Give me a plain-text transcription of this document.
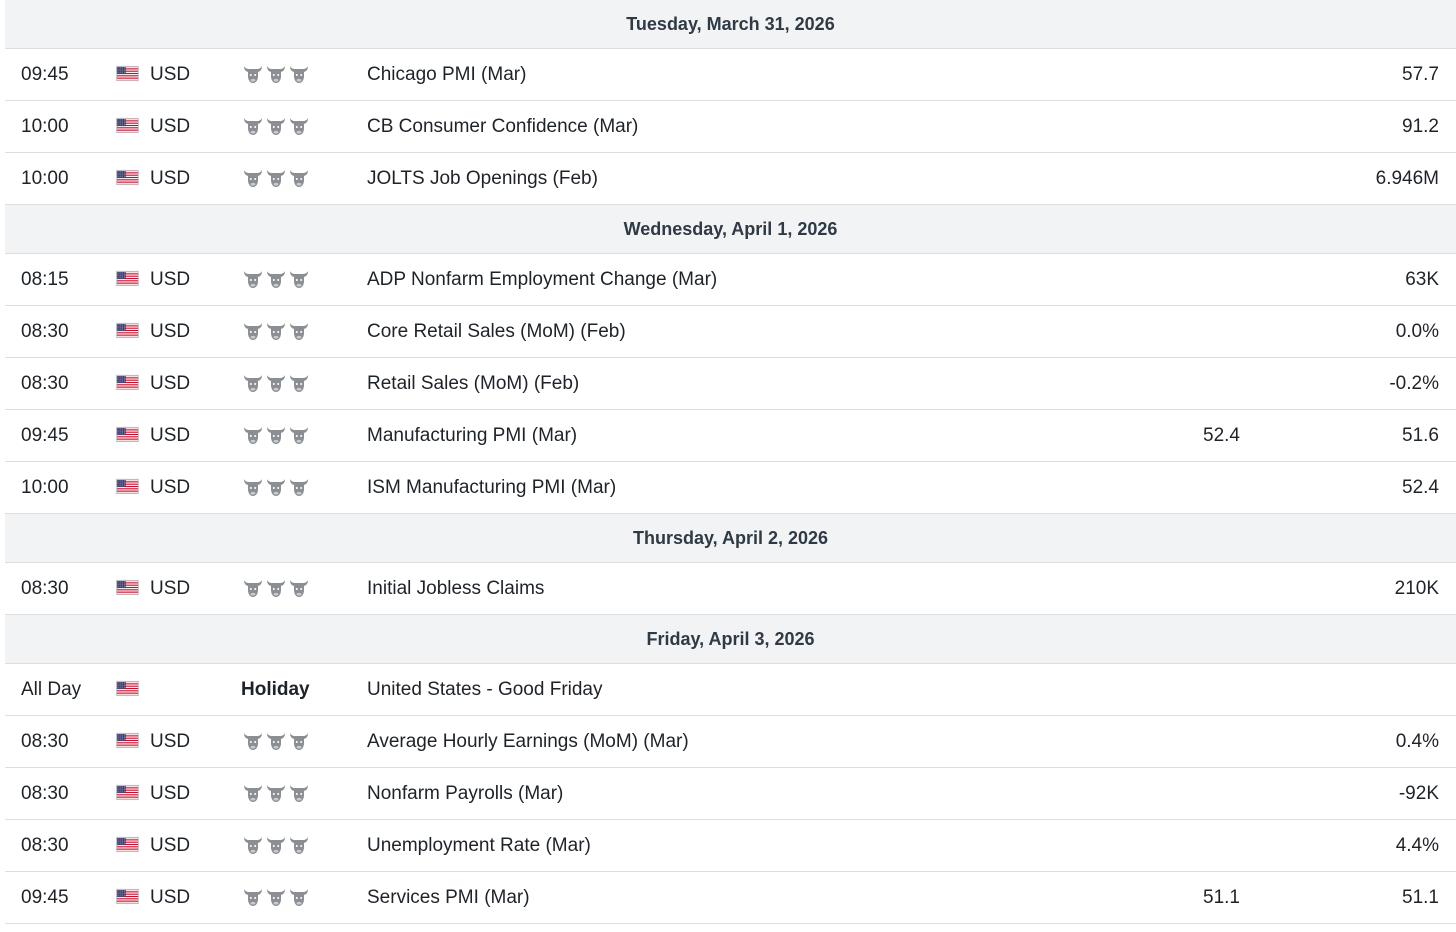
Tuesday, March 31, 2026
09:45	USD	Chicago PMI (Mar)	57.7
10:00	USD	CB Consumer Confidence (Mar)	91.2
10:00	USD	JOLTS Job Openings (Feb)	6.946M
Wednesday, April 1, 2026
08:15	USD	ADP Nonfarm Employment Change (Mar)	63K
08:30	USD	Core Retail Sales (MoM) (Feb)	0.0%
08:30	USD	Retail Sales (MoM) (Feb)	-0.2%
09:45	USD	Manufacturing PMI (Mar)	52.4	51.6
10:00	USD	ISM Manufacturing PMI (Mar)	52.4
Thursday, April 2, 2026
08:30	USD	Initial Jobless Claims	210K
Friday, April 3, 2026
All Day	Holiday	United States - Good Friday
08:30	USD	Average Hourly Earnings (MoM) (Mar)	0.4%
08:30	USD	Nonfarm Payrolls (Mar)	-92K
08:30	USD	Unemployment Rate (Mar)	4.4%
09:45	USD	Services PMI (Mar)	51.1	51.1
